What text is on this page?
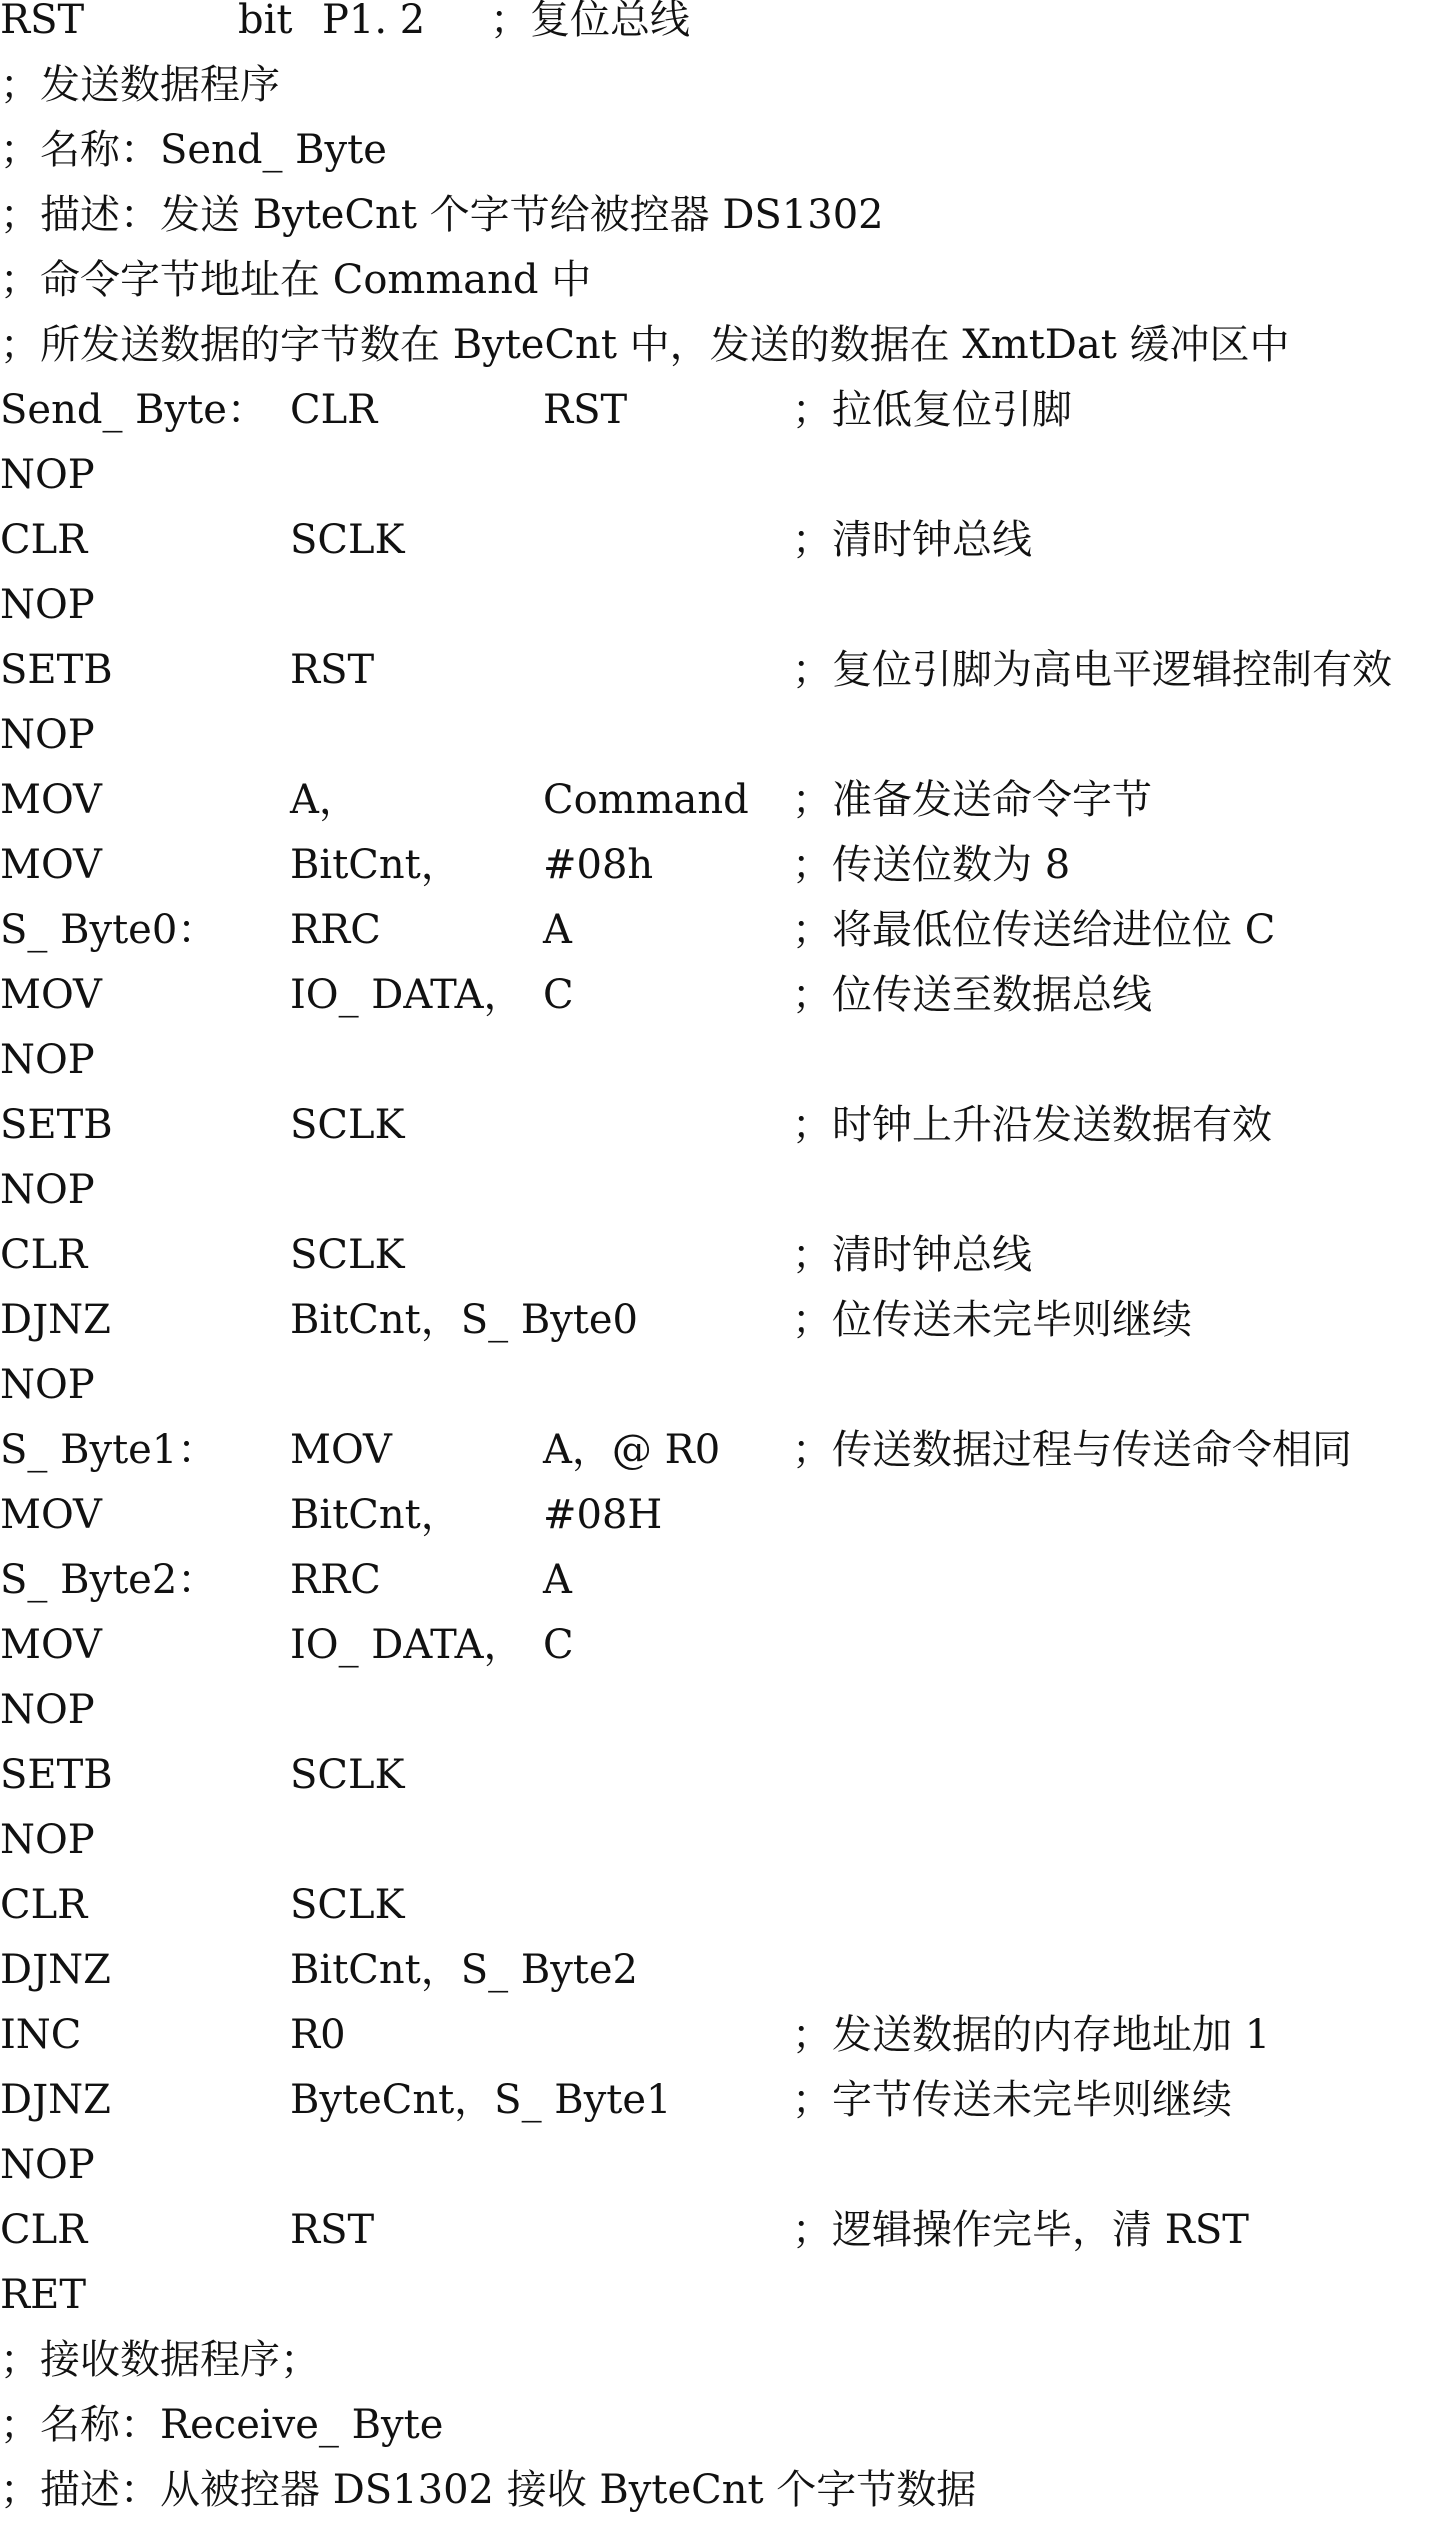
RST	bit P1. 2 ；复位总线
；发送数据程序
；名称：Send_ Byte
；描述：发送 ByteCnt 个字节给被控器 DS1302
；命令字节地址在 Command 中
；所发送数据的字节数在 ByteCnt 中，发送的数据在 XmtDat 缓冲区中
Send_ Byte： CLR	RST	；拉低复位引脚
NOP
CLR	SCLK	；清时钟总线
NOP
SETB	RST	；复位引脚为高电平逻辑控制有效
NOP
MOV	A，	Command ；准备发送命令字节
MOV	BitCnt， #08h	；传送位数为 8
S_ Byte0： RRC	A	；将最低位传送给进位位 C
MOV	IO_ DATA， C	；位传送至数据总线
NOP
SETB	SCLK	；时钟上升沿发送数据有效
NOP
CLR	SCLK	；清时钟总线
DJNZ	BitCnt，S_ Byte0	；位传送未完毕则继续
NOP
S_ Byte1： MOV	A，@ R0 ；传送数据过程与传送命令相同
MOV	BitCnt， #08H
S_ Byte2： RRC	A
MOV	IO_ DATA， C
NOP
SETB	SCLK
NOP
CLR	SCLK
DJNZ	BitCnt，S_ Byte2
INC	R0	；发送数据的内存地址加 1
DJNZ	ByteCnt，S_ Byte1	；字节传送未完毕则继续
NOP
CLR	RST	；逻辑操作完毕，清 RST
RET
；接收数据程序；
；名称：Receive_ Byte
；描述：从被控器 DS1302 接收 ByteCnt 个字节数据
